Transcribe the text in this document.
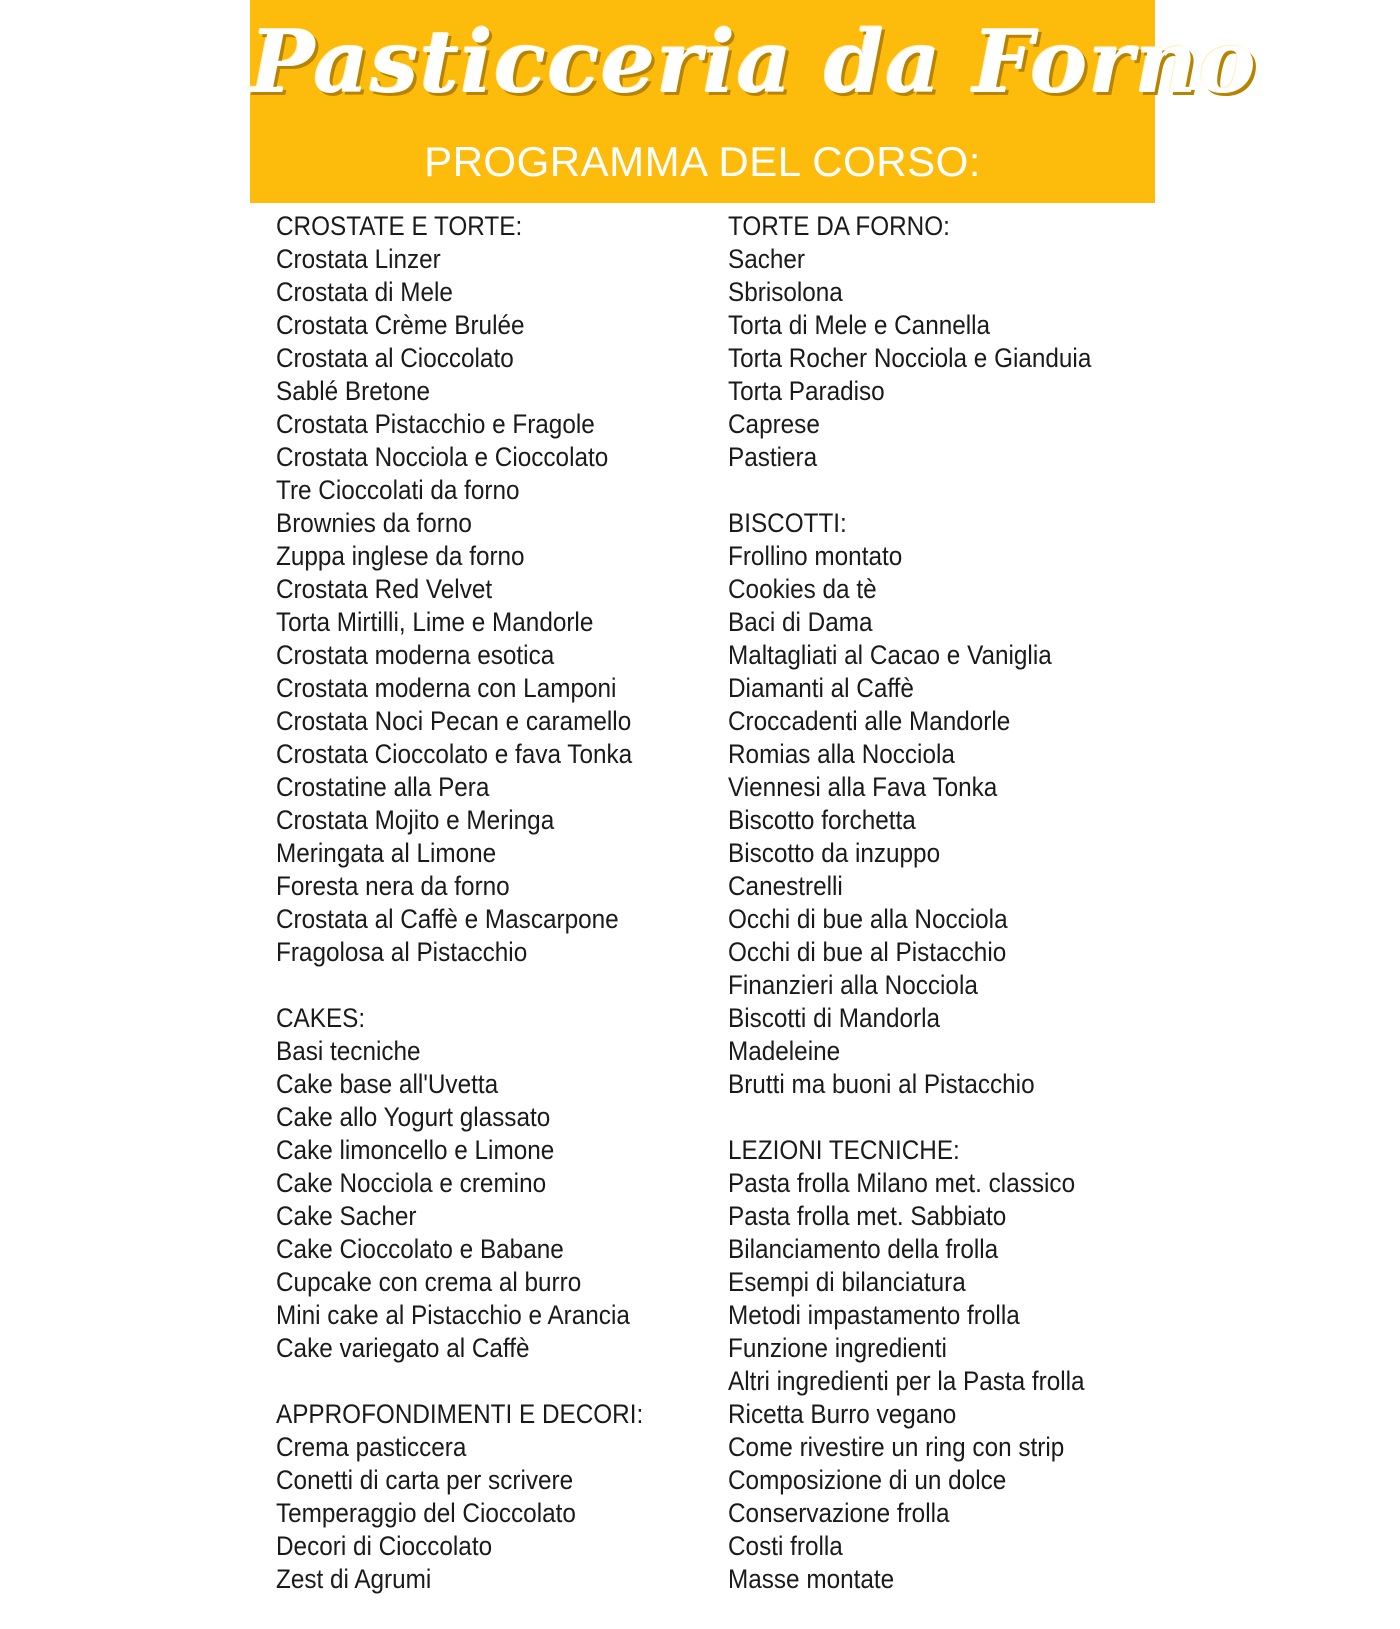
Pasticceria da Forno
PROGRAMMA DEL CORSO:
CROSTATE E TORTE:
Crostata Linzer
Crostata di Mele
Crostata Crème Brulée
Crostata al Cioccolato
Sablé Bretone
Crostata Pistacchio e Fragole
Crostata Nocciola e Cioccolato
Tre Cioccolati da forno
Brownies da forno
Zuppa inglese da forno
Crostata Red Velvet
Torta Mirtilli, Lime e Mandorle
Crostata moderna esotica
Crostata moderna con Lamponi
Crostata Noci Pecan e caramello
Crostata Cioccolato e fava Tonka
Crostatine alla Pera
Crostata Mojito e Meringa
Meringata al Limone
Foresta nera da forno
Crostata al Caffè e Mascarpone
Fragolosa al Pistacchio
CAKES:
Basi tecniche
Cake base all'Uvetta
Cake allo Yogurt glassato
Cake limoncello e Limone
Cake Nocciola e cremino
Cake Sacher
Cake Cioccolato e Babane
Cupcake con crema al burro
Mini cake al Pistacchio e Arancia
Cake variegato al Caffè
APPROFONDIMENTI E DECORI:
Crema pasticcera
Conetti di carta per scrivere
Temperaggio del Cioccolato
Decori di Cioccolato
Zest di Agrumi
TORTE DA FORNO:
Sacher
Sbrisolona
Torta di Mele e Cannella
Torta Rocher Nocciola e Gianduia
Torta Paradiso
Caprese
Pastiera
BISCOTTI:
Frollino montato
Cookies da tè
Baci di Dama
Maltagliati al Cacao e Vaniglia
Diamanti al Caffè
Croccadenti alle Mandorle
Romias alla Nocciola
Viennesi alla Fava Tonka
Biscotto forchetta
Biscotto da inzuppo
Canestrelli
Occhi di bue alla Nocciola
Occhi di bue al Pistacchio
Finanzieri alla Nocciola
Biscotti di Mandorla
Madeleine
Brutti ma buoni al Pistacchio
LEZIONI TECNICHE:
Pasta frolla Milano met. classico
Pasta frolla met. Sabbiato
Bilanciamento della frolla
Esempi di bilanciatura
Metodi impastamento frolla
Funzione ingredienti
Altri ingredienti per la Pasta frolla
Ricetta Burro vegano
Come rivestire un ring con strip
Composizione di un dolce
Conservazione frolla
Costi frolla
Masse montate
